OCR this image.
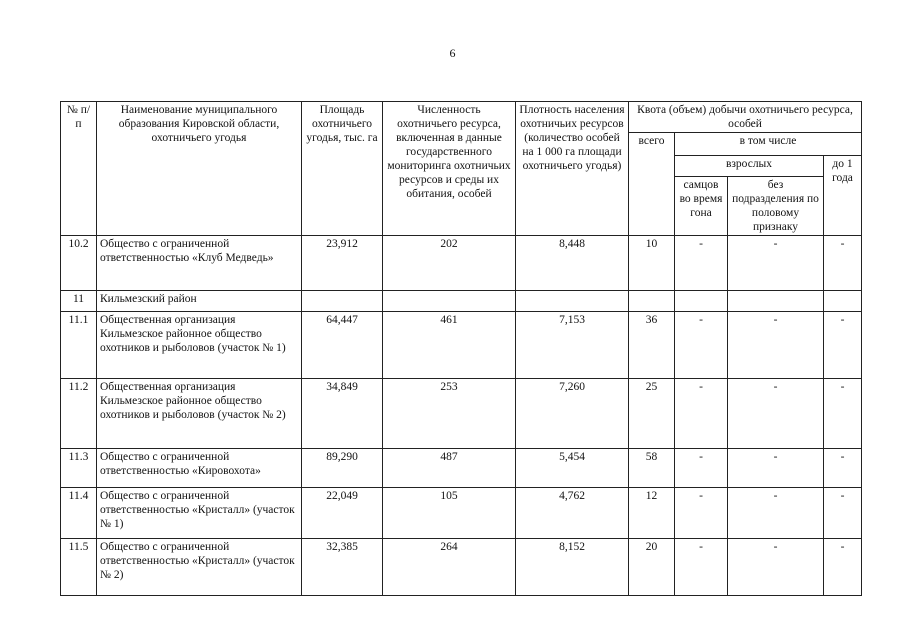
6
№ п/п	Наименование муниципального образования Кировской области, охотничьего угодья	Площадь охотничьего угодья, тыс. га	Численность охотничьего ресурса, включенная в данные государственного мониторинга охотничьих ресурсов и среды их обитания, особей	Плотность населения охотничьих ресурсов (количество особей на 1 000 га площади охотничьего угодья)	Квота (объем) добычи охотничьего ресурса, особей			
					всего	в том числе		
						взрослых		до 1 года
						самцов во время гона	без подразделения по половому признаку	
10.2	Общество с ограниченной ответственностью «Клуб Медведь»	23,912	202	8,448	10	-	-	-
11	Кильмезский район							
11.1	Общественная организация Кильмезское районное общество охотников и рыболовов (участок № 1)	64,447	461	7,153	36	-	-	-
11.2	Общественная организация Кильмезское районное общество охотников и рыболовов (участок № 2)	34,849	253	7,260	25	-	-	-
11.3	Общество с ограниченной ответственностью «Кировохота»	89,290	487	5,454	58	-	-	-
11.4	Общество с ограниченной ответственностью «Кристалл» (участок № 1)	22,049	105	4,762	12	-	-	-
11.5	Общество с ограниченной ответственностью «Кристалл» (участок № 2)	32,385	264	8,152	20	-	-	-
